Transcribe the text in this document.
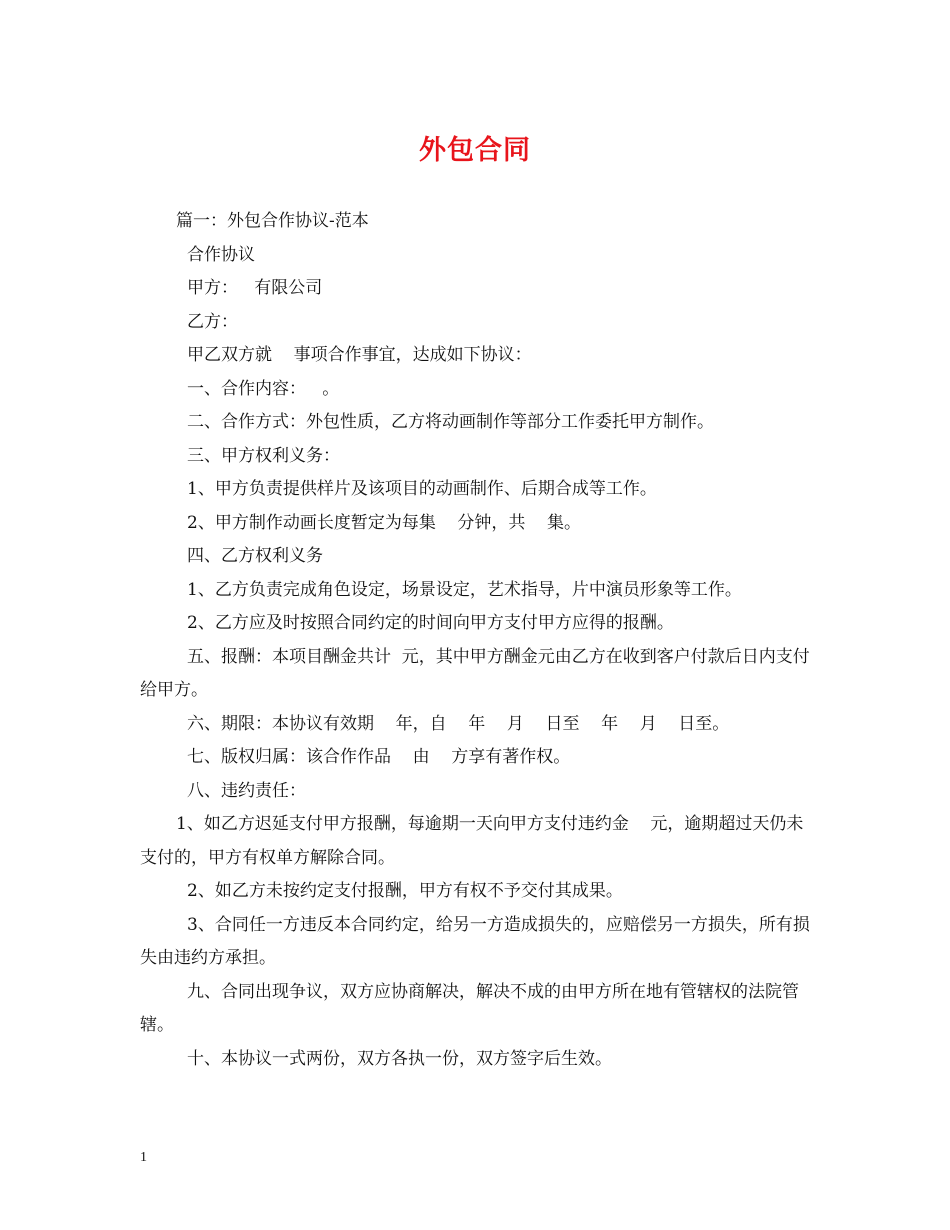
外包合同

篇一：外包合作协议-范本

合作协议

甲方：   有限公司

乙方：

甲乙双方就    事项合作事宜，达成如下协议：

一、合作内容：   。

二、合作方式：外包性质，乙方将动画制作等部分工作委托甲方制作。

三、甲方权利义务：

1、甲方负责提供样片及该项目的动画制作、后期合成等工作。

2、甲方制作动画长度暂定为每集    分钟，共    集。

四、乙方权利义务

1、乙方负责完成角色设定，场景设定，艺术指导，片中演员形象等工作。

2、乙方应及时按照合同约定的时间向甲方支付甲方应得的报酬。

五、报酬：本项目酬金共计  元，其中甲方酬金元由乙方在收到客户付款后日内支付给甲方。

六、期限：本协议有效期    年，自    年    月    日至    年    月    日至。

七、版权归属：该合作作品    由    方享有著作权。

八、违约责任：

1、如乙方迟延支付甲方报酬，每逾期一天向甲方支付违约金    元，逾期超过天仍未支付的，甲方有权单方解除合同。

2、如乙方未按约定支付报酬，甲方有权不予交付其成果。

3、合同任一方违反本合同约定，给另一方造成损失的，应赔偿另一方损失，所有损失由违约方承担。

九、合同出现争议，双方应协商解决，解决不成的由甲方所在地有管辖权的法院管辖。

十、本协议一式两份，双方各执一份，双方签字后生效。

1
